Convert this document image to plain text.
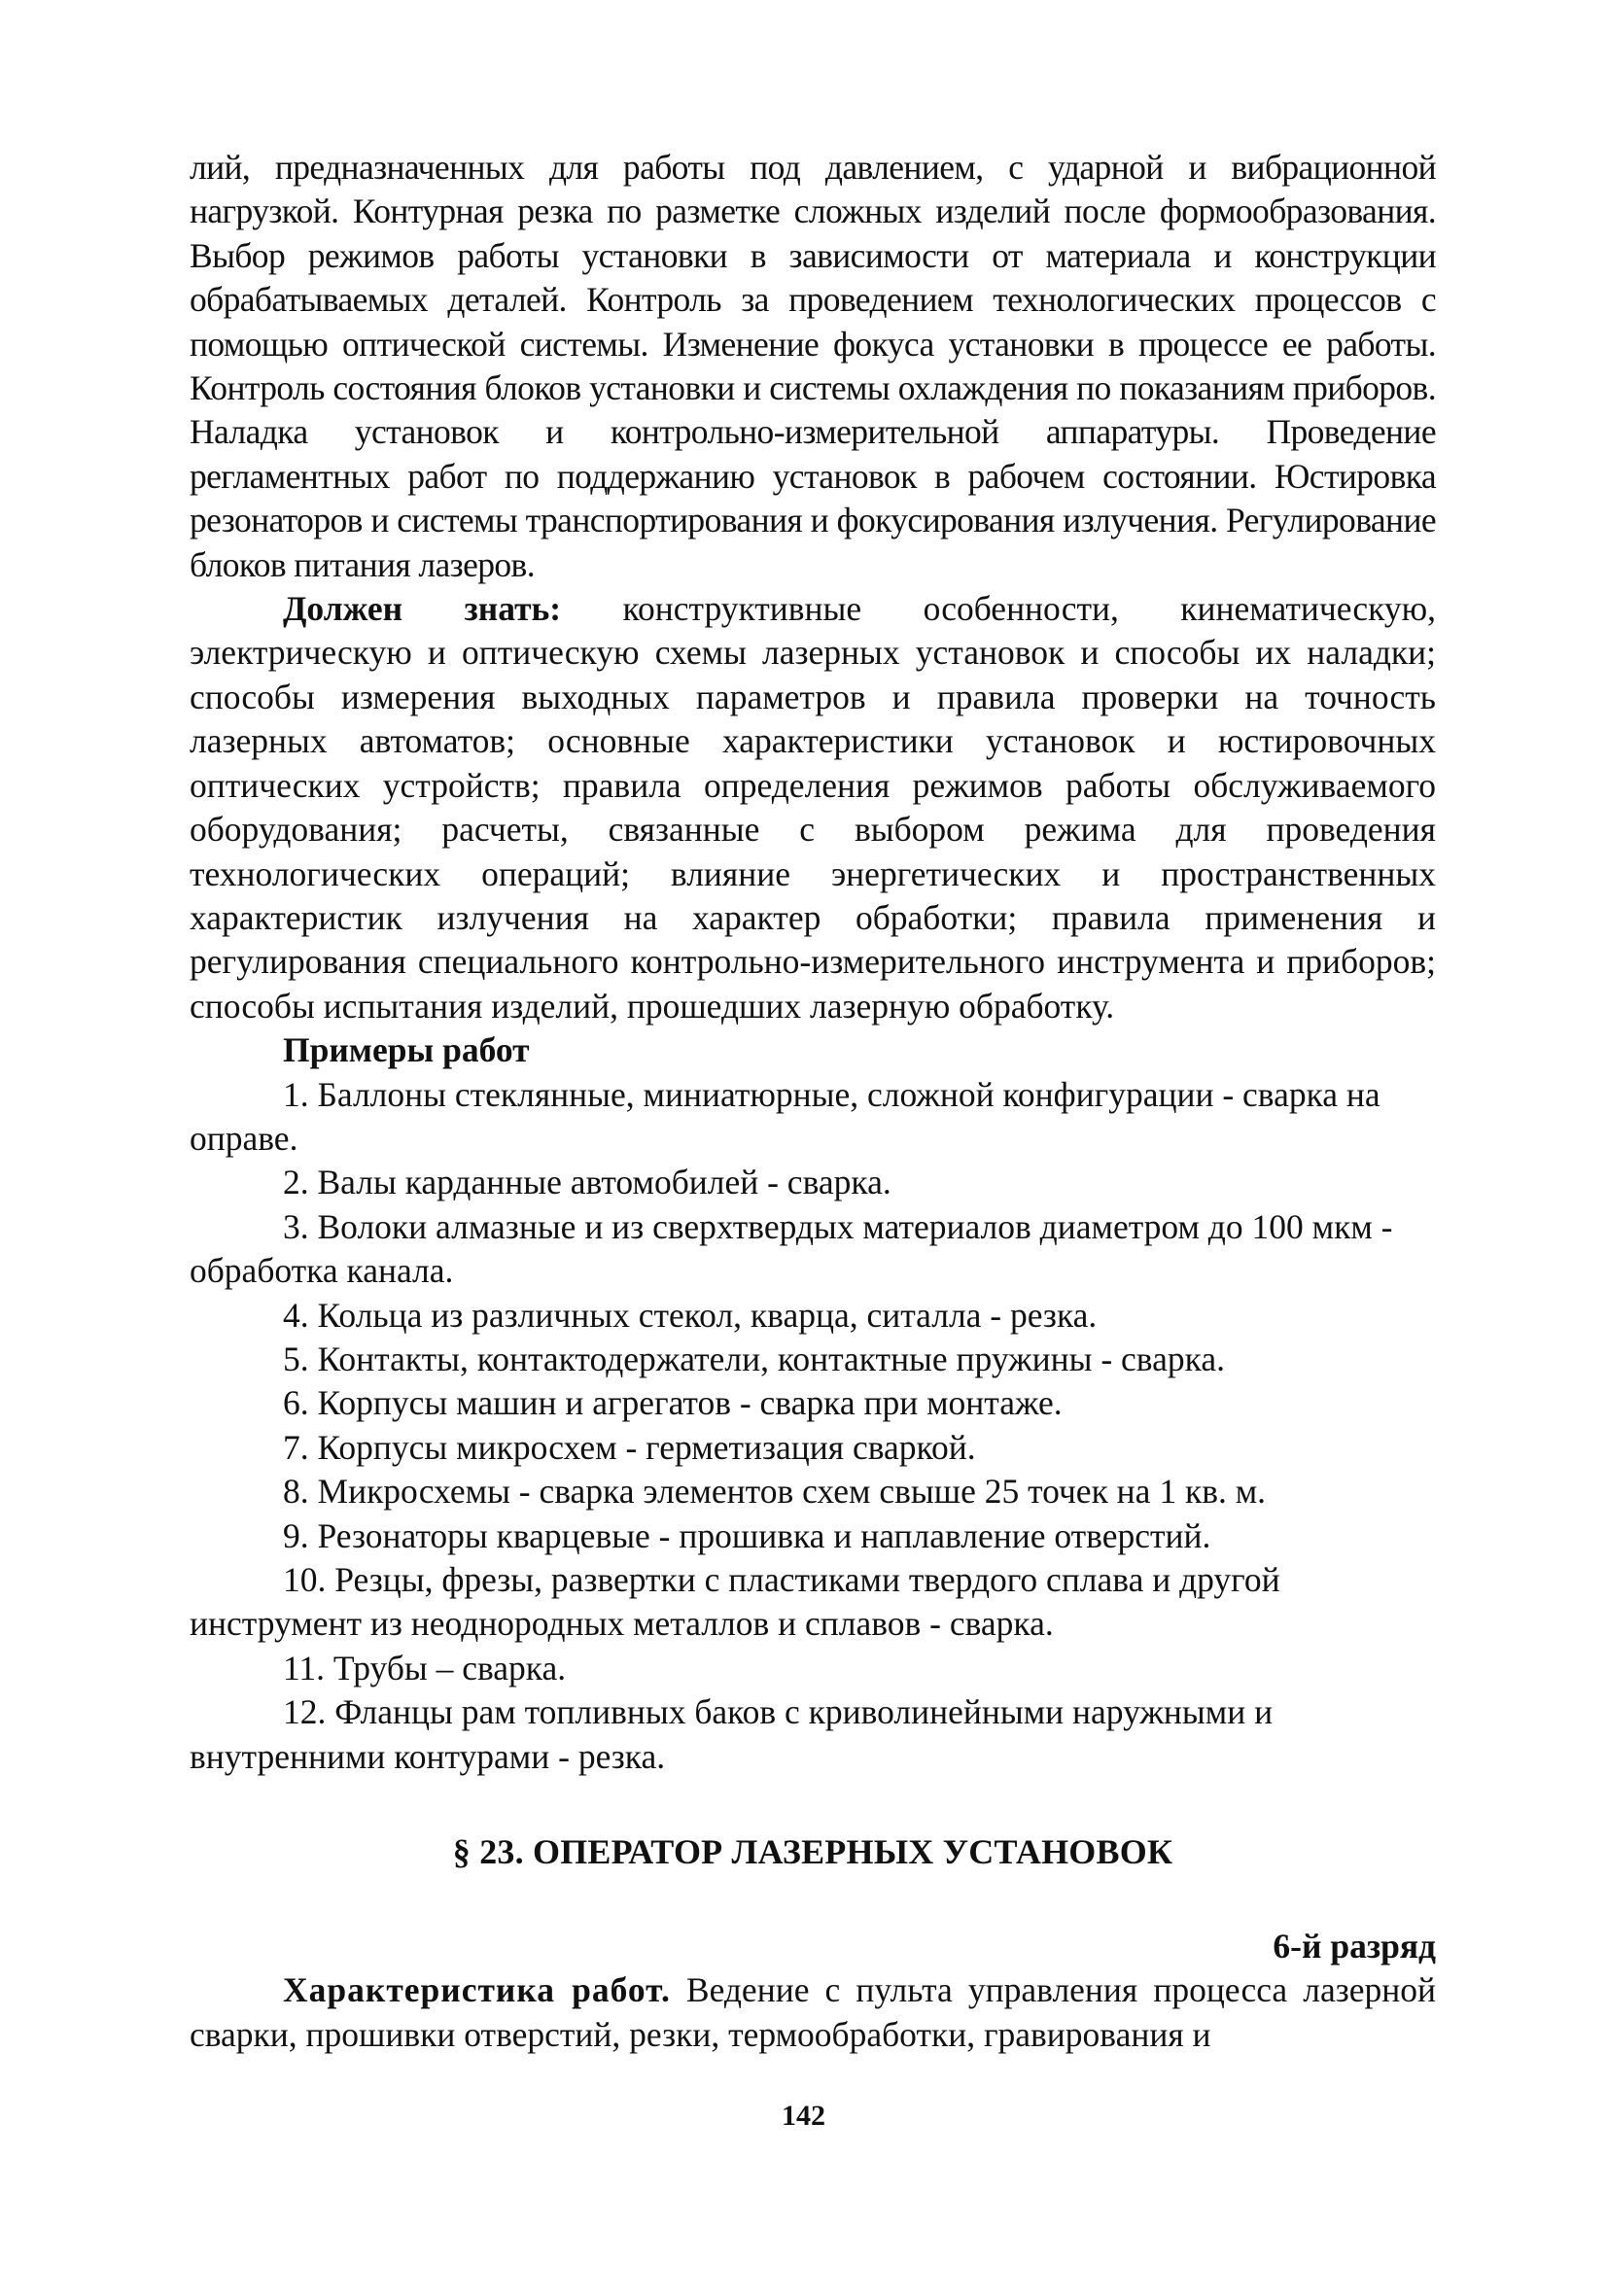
лий, предназначенных для работы под давлением, с ударной и вибрационной нагрузкой. Контурная резка по разметке сложных изделий после формообразования. Выбор режимов работы установки в зависимости от материала и конструкции обрабатываемых деталей. Контроль за проведением технологических процессов с помощью оптической системы. Изменение фокуса установки в процессе ее работы. Контроль состояния блоков установки и системы охлаждения по показаниям приборов. Наладка установок и контрольно-измерительной аппаратуры. Проведение регламентных работ по поддержанию установок в рабочем состоянии. Юстировка резонаторов и системы транспортирования и фокусирования излучения. Регулирование блоков питания лазеров.

Должен знать: конструктивные особенности, кинематическую, электрическую и оптическую схемы лазерных установок и способы их наладки; способы измерения выходных параметров и правила проверки на точность лазерных автоматов; основные характеристики установок и юстировочных оптических устройств; правила определения режимов работы обслуживаемого оборудования; расчеты, связанные с выбором режима для проведения технологических операций; влияние энергетических и пространственных характеристик излучения на характер обработки; правила применения и регулирования специального контрольно-измерительного инструмента и приборов; способы испытания изделий, прошедших лазерную обработку.

Примеры работ

1. Баллоны стеклянные, миниатюрные, сложной конфигурации - сварка на оправе.

2. Валы карданные автомобилей - сварка.

3. Волоки алмазные и из сверхтвердых материалов диаметром до 100 мкм - обработка канала.

4. Кольца из различных стекол, кварца, ситалла - резка.

5. Контакты, контактодержатели, контактные пружины - сварка.

6. Корпусы машин и агрегатов - сварка при монтаже.

7. Корпусы микросхем - герметизация сваркой.

8. Микросхемы - сварка элементов схем свыше 25 точек на 1 кв. м.

9. Резонаторы кварцевые - прошивка и наплавление отверстий.

10. Резцы, фрезы, развертки с пластиками твердого сплава и другой инструмент из неоднородных металлов и сплавов - сварка.

11. Трубы – сварка.

12. Фланцы рам топливных баков с криволинейными наружными и внутренними контурами - резка.

§ 23. ОПЕРАТОР ЛАЗЕРНЫХ УСТАНОВОК

6-й разряд

Характеристика работ. Ведение с пульта управления процесса лазерной сварки, прошивки отверстий, резки, термообработки, гравирования и

142
